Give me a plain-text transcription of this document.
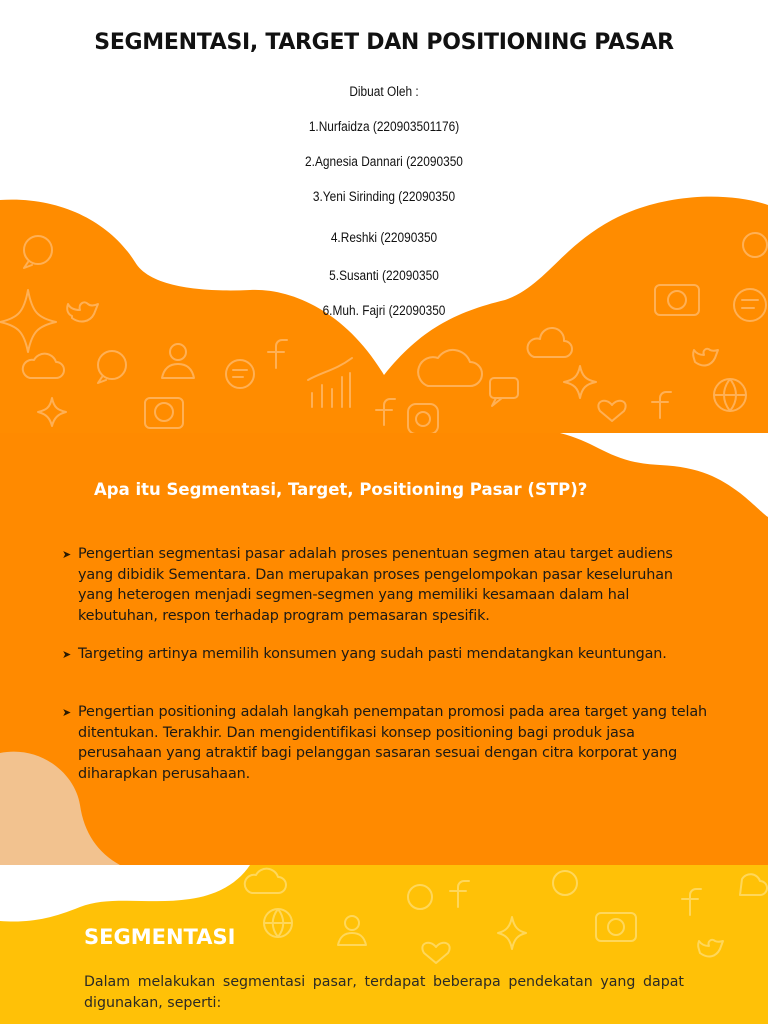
SEGMENTASI, TARGET DAN POSITIONING PASAR
Dibuat Oleh :
1.Nurfaidza (220903501176)
2.Agnesia Dannari (22090350
3.Yeni Sirinding (22090350
4.Reshki (22090350
5.Susanti (22090350
6.Muh. Fajri (22090350
Apa itu Segmentasi, Target, Positioning Pasar (STP)?
➤ Pengertian segmentasi pasar adalah proses penentuan segmen atau target audiens yang dibidik Sementara. Dan merupakan proses pengelompokan pasar keseluruhan yang heterogen menjadi segmen-segmen yang memiliki kesamaan dalam hal kebutuhan, respon terhadap program pemasaran spesifik.

➤ Targeting artinya memilih konsumen yang sudah pasti mendatangkan keuntungan.

➤ Pengertian positioning adalah langkah penempatan promosi pada area target yang telah ditentukan. Terakhir. Dan mengidentifikasi konsep positioning bagi produk jasa perusahaan yang atraktif bagi pelanggan sasaran sesuai dengan citra korporat yang diharapkan perusahaan.

SEGMENTASI

Dalam melakukan segmentasi pasar, terdapat beberapa pendekatan yang dapat digunakan, seperti:
